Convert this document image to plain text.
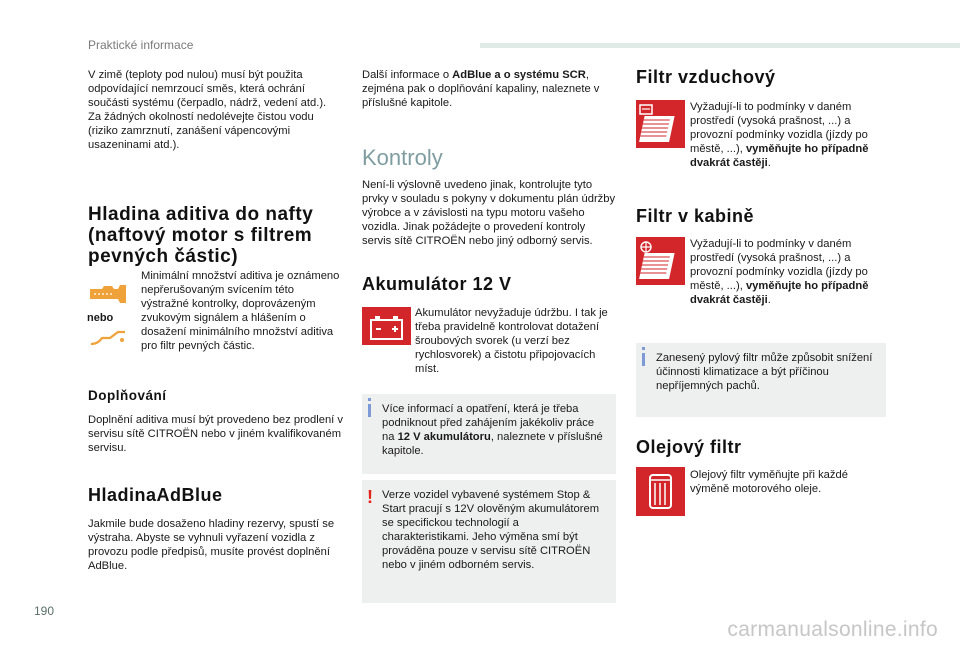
Praktické informace
V zimě (teploty pod nulou) musí být použita odpovídající nemrzoucí směs, která ochrání součásti systému (čerpadlo, nádrž, vedení atd.). Za žádných okolností nedolévejte čistou vodu (riziko zamrznutí, zanášení vápencovými usazeninami atd.).
Hladina aditiva do nafty (naftový motor s filtrem pevných částic)
nebo
Minimální množství aditiva je oznámeno nepřerušovaným svícením této výstražné kontrolky, doprovázeným zvukovým signálem a hlášením o dosažení minimálního množství aditiva pro filtr pevných částic.
Doplňování
Doplnění aditiva musí být provedeno bez prodlení v servisu sítě CITROËN nebo v jiném kvalifikovaném servisu.
HladinaAdBlue
Jakmile bude dosaženo hladiny rezervy, spustí se výstraha. Abyste se vyhnuli vyřazení vozidla z provozu podle předpisů, musíte provést doplnění AdBlue.
Další informace o AdBlue a o systému SCR, zejména pak o doplňování kapaliny, naleznete v příslušné kapitole.
Kontroly
Není-li výslovně uvedeno jinak, kontrolujte tyto prvky v souladu s pokyny v dokumentu plán údržby výrobce a v závislosti na typu motoru vašeho vozidla. Jinak požádejte o provedení kontroly servis sítě CITROËN nebo jiný odborný servis.
Akumulátor 12 V
Akumulátor nevyžaduje údržbu. I tak je třeba pravidelně kontrolovat dotažení šroubových svorek (u verzí bez rychlosvorek) a čistotu připojovacích míst.
Více informací a opatření, která je třeba podniknout před zahájením jakékoliv práce na 12 V akumulátoru, naleznete v příslušné kapitole.
! Verze vozidel vybavené systémem Stop & Start pracují s 12V olověným akumulátorem se specifickou technologií a charakteristikami. Jeho výměna smí být prováděna pouze v servisu sítě CITROËN nebo v jiném odborném servis.
Filtr vzduchový
Vyžadují-li to podmínky v daném prostředí (vysoká prašnost, ...) a provozní podmínky vozidla (jízdy po městě, ...), vyměňujte ho případně dvakrát častěji.
Filtr v kabině
Vyžadují-li to podmínky v daném prostředí (vysoká prašnost, ...) a provozní podmínky vozidla (jízdy po městě, ...), vyměňujte ho případně dvakrát častěji.
Zanesený pylový filtr může způsobit snížení účinnosti klimatizace a být příčinou nepříjemných pachů.
Olejový filtr
Olejový filtr vyměňujte při každé výměně motorového oleje.
190
carmanualsonline.info
